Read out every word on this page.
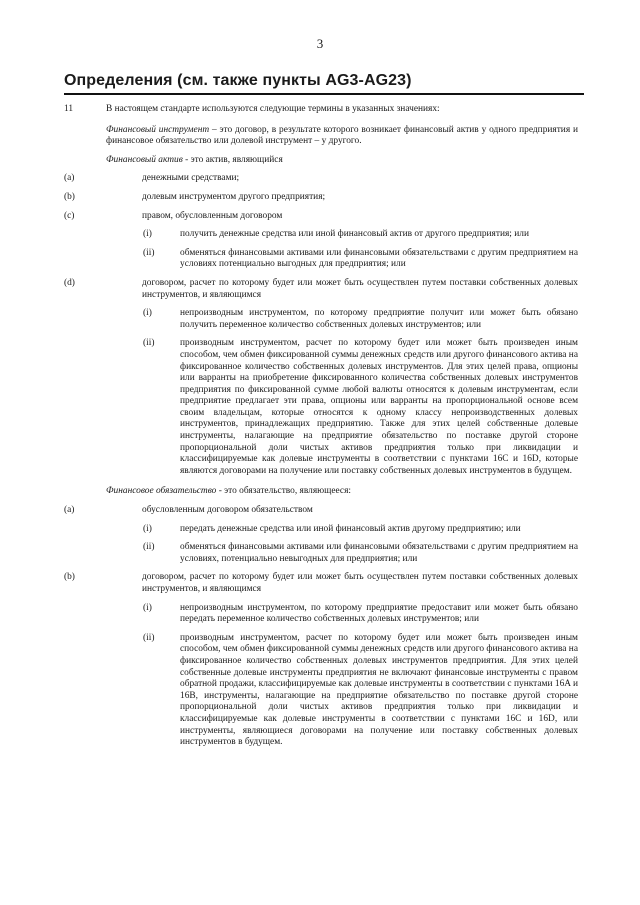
3
Определения (см. также пункты AG3-AG23)
11	В настоящем стандарте используются следующие термины в указанных значениях:
Финансовый инструмент – это договор, в результате которого возникает финансовый актив у одного предприятия и финансовое обязательство или долевой инструмент – у другого.
Финансовый актив - это актив, являющийся
(a)	денежными средствами;
(b)	долевым инструментом другого предприятия;
(c)	правом, обусловленным договором
(i)	получить денежные средства или иной финансовый актив от другого предприятия; или
(ii)	обменяться финансовыми активами или финансовыми обязательствами с другим предприятием на условиях потенциально выгодных для предприятия; или
(d)	договором, расчет по которому будет или может быть осуществлен путем поставки собственных долевых инструментов, и являющимся
(i)	непроизводным инструментом, по которому предприятие получит или может быть обязано получить переменное количество собственных долевых инструментов; или
(ii)	производным инструментом, расчет по которому будет или может быть произведен иным способом, чем обмен фиксированной суммы денежных средств или другого финансового актива на фиксированное количество собственных долевых инструментов. Для этих целей права, опционы или варранты на приобретение фиксированного количества собственных долевых инструментов предприятия по фиксированной сумме любой валюты относятся к долевым инструментам, если предприятие предлагает эти права, опционы или варранты на пропорциональной основе всем своим владельцам, которые относятся к одному классу непроизводственных долевых инструментов, принадлежащих предприятию. Также для этих целей собственные долевые инструменты, налагающие на предприятие обязательство по поставке другой стороне пропорциональной доли чистых активов предприятия только при ликвидации и классифицируемые как долевые инструменты в соответствии с пунктами 16C и 16D, которые являются договорами на получение или поставку собственных долевых инструментов в будущем.
Финансовое обязательство - это обязательство, являющееся:
(a)	обусловленным договором обязательством
(i)	передать денежные средства или иной финансовый актив другому предприятию; или
(ii)	обменяться финансовыми активами или финансовыми обязательствами с другим предприятием на условиях, потенциально невыгодных для предприятия; или
(b)	договором, расчет по которому будет или может быть осуществлен путем поставки собственных долевых инструментов, и являющимся
(i)	непроизводным инструментом, по которому предприятие предоставит или может быть обязано передать переменное количество собственных долевых инструментов; или
(ii)	производным инструментом, расчет по которому будет или может быть произведен иным способом, чем обмен фиксированной суммы денежных средств или другого финансового актива на фиксированное количество собственных долевых инструментов предприятия. Для этих целей собственные долевые инструменты предприятия не включают финансовые инструменты с правом обратной продажи, классифицируемые как долевые инструменты в соответствии с пунктами 16A и 16B, инструменты, налагающие на предприятие обязательство по поставке другой стороне пропорциональной доли чистых активов предприятия только при ликвидации и классифицируемые как долевые инструменты в соответствии с пунктами 16C и 16D, или инструменты, являющиеся договорами на получение или поставку собственных долевых инструментов в будущем.
